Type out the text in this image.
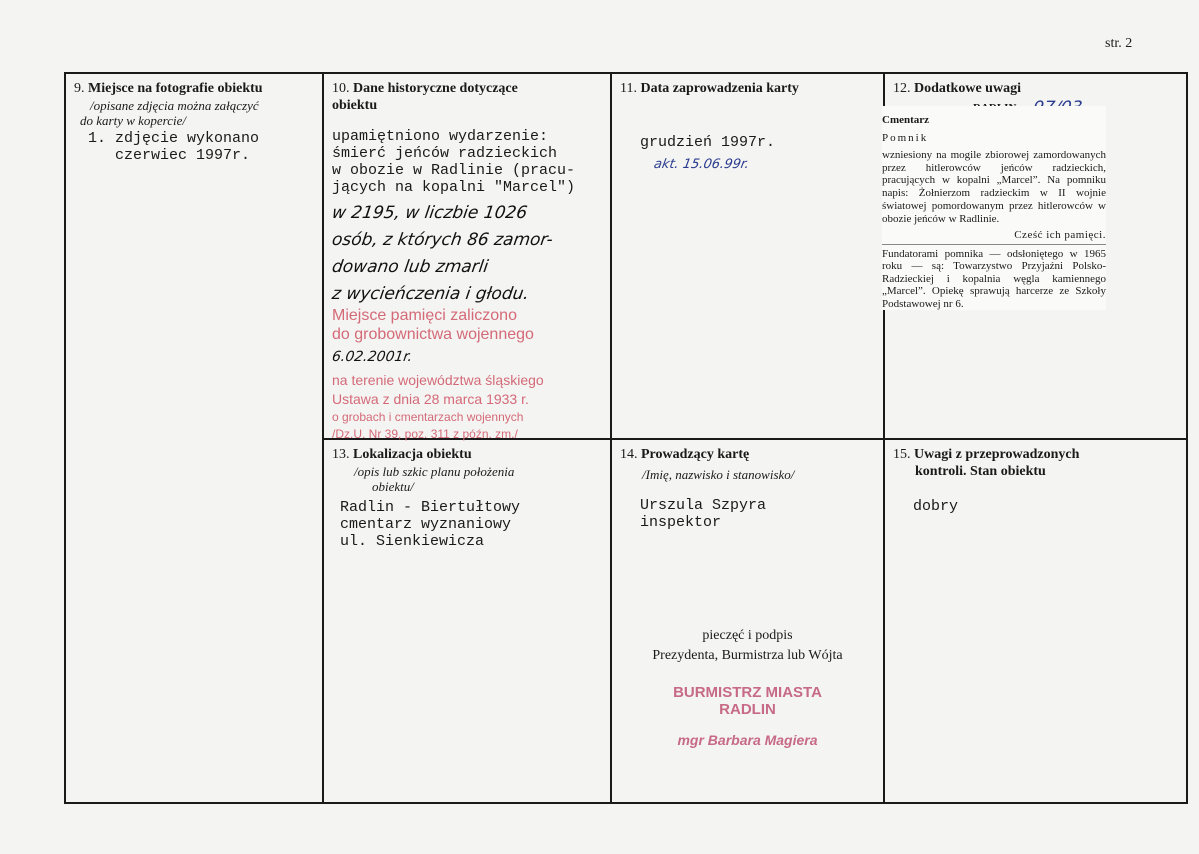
str. 2
9. Miejsce na fotografie obiektu
/opisane zdjęcia można załączyć
do karty w kopercie/
1. zdjęcie wykonano
czerwiec 1997r.
10. Dane historyczne dotyczące
obiektu
upamiętniono wydarzenie:
śmierć jeńców radzieckich
w obozie w Radlinie (pracu-
jących na kopalni "Marcel")
w 2195, w liczbie 1026
osób, z których 86 zamor-
dowano lub zmarli
z wycieńczenia i głodu.
Miejsce pamięci zaliczono
do grobownictwa wojennego6.02.2001r.
na terenie województwa śląskiego
Ustawa z dnia 28 marca 1933 r.
o grobach i cmentarzach wojennych
/Dz.U. Nr 39, poz. 311 z późn. zm./
11. Data zaprowadzenia karty
grudzień 1997r.
akt. 15.06.99r.
12. Dodatkowe uwagi
13. Lokalizacja obiektu
/opis lub szkic planu położenia
obiektu/
Radlin - Biertułtowy
cmentarz wyznaniowy
ul. Sienkiewicza
14. Prowadzący kartę
/Imię, nazwisko i stanowisko/
Urszula Szpyra
inspektor
pieczęć i podpis
Prezydenta, Burmistrza lub Wójta
BURMISTRZ MIASTA
RADLIN
mgr Barbara Magiera
15. Uwagi z przeprowadzonych
kontroli. Stan obiektu
dobry
Cmentarz
Pomnik
wzniesiony na mogile zbiorowej zamordowanych przez hitlerowców jeńców radzieckich, pracujących w kopalni „Marcel”. Na pomniku napis: Żołnierzom radzieckim w II wojnie światowej pomordowanym przez hitlerowców w obozie jeńców w Radlinie.
Cześć ich pamięci.
Fundatorami pomnika — odsłoniętego w 1965 roku — są: Towarzystwo Przyjaźni Polsko-Radzieckiej i kopalnia węgla kamiennego „Marcel”. Opiekę sprawują harcerze ze Szkoły Podstawowej nr 6.
